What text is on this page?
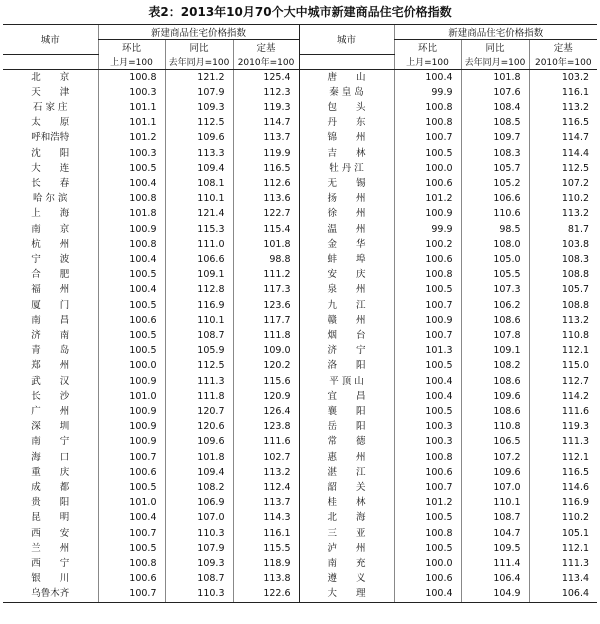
表2：2013年10月70个大中城市新建商品住宅价格指数
城市	新建商品住宅价格指数			城市	新建商品住宅价格指数		
	环比	同比	定基		环比	同比	定基
	上月=100	去年同月=100	2010年=100		上月=100	去年同月=100	2010年=100
北　　京	100.8	121.2	125.4	唐　　山	100.4	101.8	103.2
天　　津	100.3	107.9	112.3	秦 皇 岛	99.9	107.6	116.1
石 家 庄	101.1	109.3	119.3	包　　头	100.8	108.4	113.2
太　　原	101.1	112.5	114.7	丹　　东	100.8	108.5	116.5
呼和浩特	101.2	109.6	113.7	锦　　州	100.7	109.7	114.7
沈　　阳	100.3	113.3	119.9	吉　　林	100.5	108.3	114.4
大　　连	100.5	109.4	116.5	牡 丹 江	100.0	105.7	112.5
长　　春	100.4	108.1	112.6	无　　锡	100.6	105.2	107.2
哈 尔 滨	100.8	110.1	113.6	扬　　州	101.2	106.6	110.2
上　　海	101.8	121.4	122.7	徐　　州	100.9	110.6	113.2
南　　京	100.9	115.3	115.4	温　　州	99.9	98.5	81.7
杭　　州	100.8	111.0	101.8	金　　华	100.2	108.0	103.8
宁　　波	100.4	106.6	98.8	蚌　　埠	100.6	105.0	108.3
合　　肥	100.5	109.1	111.2	安　　庆	100.8	105.5	108.8
福　　州	100.4	112.8	117.3	泉　　州	100.5	107.3	105.7
厦　　门	100.5	116.9	123.6	九　　江	100.7	106.2	108.8
南　　昌	100.6	110.1	117.7	赣　　州	100.9	108.6	113.2
济　　南	100.5	108.7	111.8	烟　　台	100.7	107.8	110.8
青　　岛	100.5	105.9	109.0	济　　宁	101.3	109.1	112.1
郑　　州	100.0	112.5	120.2	洛　　阳	100.5	108.2	115.0
武　　汉	100.9	111.3	115.6	平 顶 山	100.4	108.6	112.7
长　　沙	101.0	111.8	120.9	宜　　昌	100.4	109.6	114.2
广　　州	100.9	120.7	126.4	襄　　阳	100.5	108.6	111.6
深　　圳	100.9	120.6	123.8	岳　　阳	100.3	110.8	119.3
南　　宁	100.9	109.6	111.6	常　　德	100.3	106.5	111.3
海　　口	100.7	101.8	102.7	惠　　州	100.8	107.2	112.1
重　　庆	100.6	109.4	113.2	湛　　江	100.6	109.6	116.5
成　　都	100.5	108.2	112.4	韶　　关	100.7	107.0	114.6
贵　　阳	101.0	106.9	113.7	桂　　林	101.2	110.1	116.9
昆　　明	100.4	107.0	114.3	北　　海	100.5	108.7	110.2
西　　安	100.7	110.3	116.1	三　　亚	100.8	104.7	105.1
兰　　州	100.5	107.9	115.5	泸　　州	100.5	109.5	112.1
西　　宁	100.8	109.3	118.9	南　　充	100.0	111.4	111.3
银　　川	100.6	108.7	113.8	遵　　义	100.6	106.4	113.4
乌鲁木齐	100.7	110.3	122.6	大　　理	100.4	104.9	106.4
